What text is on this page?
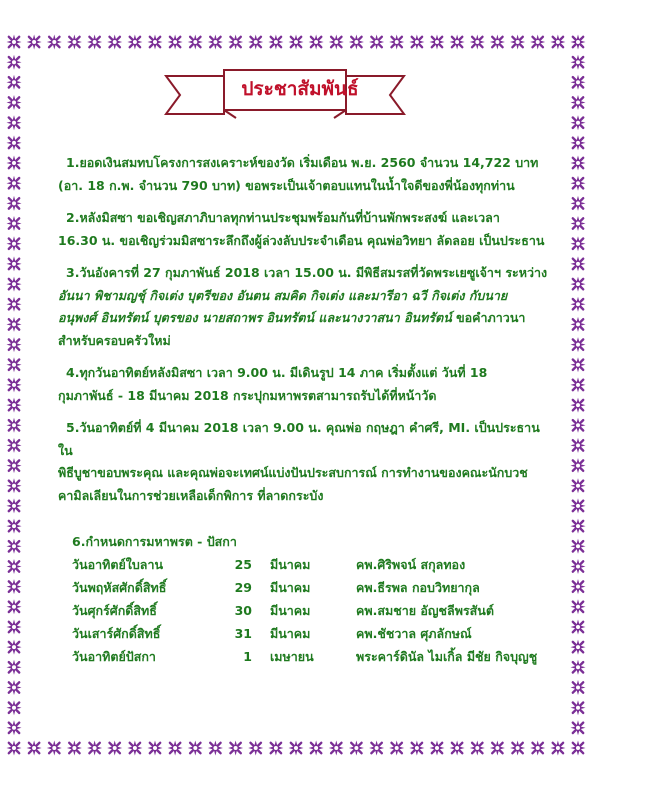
ประชาสัมพันธ์

1.ยอดเงินสมทบโครงการสงเคราะห์ของวัด เริ่มเดือน พ.ย. 2560 จำนวน 14,722 บาท

(อา. 18 ก.พ. จำนวน 790 บาท) ขอพระเป็นเจ้าตอบแทนในน้ำใจดีของพี่น้องทุกท่าน

2.หลังมิสซา ขอเชิญสภาภิบาลทุกท่านประชุมพร้อมกันที่บ้านพักพระสงฆ์ และเวลา

16.30 น. ขอเชิญร่วมมิสซาระลึกถึงผู้ล่วงลับประจำเดือน คุณพ่อวิทยา ลัดลอย เป็นประธาน

3.วันอังคารที่ 27 กุมภาพันธ์ 2018 เวลา 15.00 น. มีพิธีสมรสที่วัดพระเยซูเจ้าฯ ระหว่าง

อันนา พิชามญชุ์ กิจเต่ง บุตรีของ อันตน สมคิด กิจเต่ง และมารีอา ฉวี กิจเต่ง กับนาย

อนุพงศ์ อินทรัตน์ บุตรของ นายสถาพร อินทรัตน์ และนางวาสนา อินทรัตน์ ขอคำภาวนา

สำหรับครอบครัวใหม่

4.ทุกวันอาทิตย์หลังมิสซา เวลา 9.00 น. มีเดินรูป 14 ภาค เริ่มตั้งแต่ วันที่ 18

กุมภาพันธ์ - 18 มีนาคม 2018 กระปุกมหาพรตสามารถรับได้ที่หน้าวัด

5.วันอาทิตย์ที่ 4 มีนาคม 2018 เวลา 9.00 น. คุณพ่อ กฤษฎา คำศรี, MI. เป็นประธาน ใน

พิธีบูชาขอบพระคุณ และคุณพ่อจะเทศน์แบ่งปันประสบการณ์ การทำงานของคณะนักบวช

คามิลเลียนในการช่วยเหลือเด็กพิการ ที่ลาดกระบัง

6.กำหนดการมหาพรต - ปัสกา

วันอาทิตย์ใบลาน	25	มีนาคม	คพ.ศิริพจน์ สกุลทอง
วันพฤหัสศักดิ์สิทธิ์	29	มีนาคม	คพ.ธีรพล กอบวิทยากุล
วันศุกร์ศักดิ์สิทธิ์	30	มีนาคม	คพ.สมชาย อัญชลีพรสันต์
วันเสาร์ศักดิ์สิทธิ์	31	มีนาคม	คพ.ชัชวาล ศุภลักษณ์
วันอาทิตย์ปัสกา	1	เมษายน	พระคาร์ดินัล ไมเกิ้ล มีชัย กิจบุญชู
